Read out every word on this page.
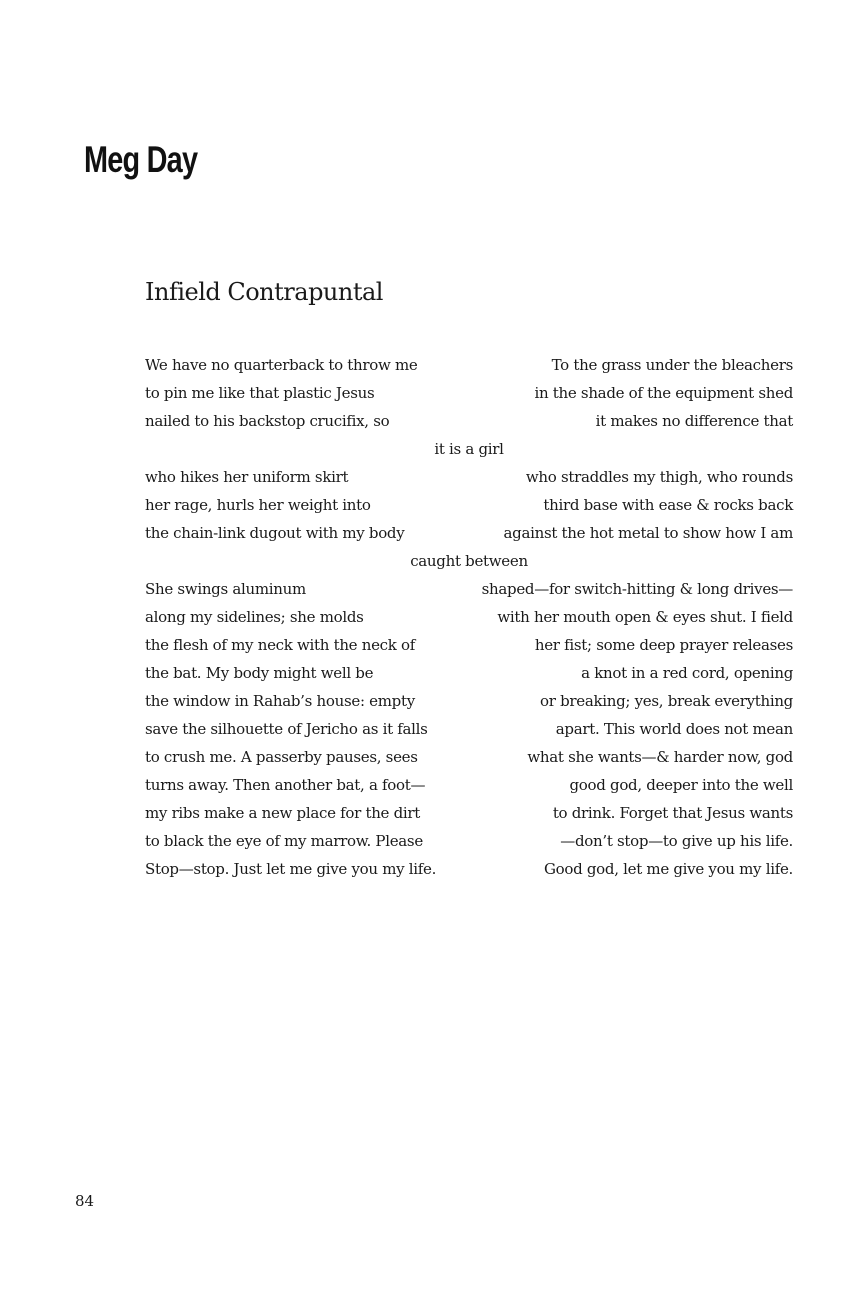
Meg Day
Infield Contrapuntal
We have no quarterback to throw me	To the grass under the bleachers
to pin me like that plastic Jesus	in the shade of the equipment shed
nailed to his backstop crucifix, so	it makes no difference that
it is a girl
who hikes her uniform skirt	who straddles my thigh, who rounds
her rage, hurls her weight into	third base with ease & rocks back
the chain-link dugout with my body	against the hot metal to show how I am
caught between
She swings aluminum	shaped—for switch-hitting & long drives—
along my sidelines; she molds	with her mouth open & eyes shut. I field
the flesh of my neck with the neck of	her fist; some deep prayer releases
the bat. My body might well be	a knot in a red cord, opening
the window in Rahab’s house: empty	or breaking; yes, break everything
save the silhouette of Jericho as it falls	apart. This world does not mean
to crush me. A passerby pauses, sees	what she wants—& harder now, god
turns away. Then another bat, a foot—	good god, deeper into the well
my ribs make a new place for the dirt	to drink. Forget that Jesus wants
to black the eye of my marrow. Please	—don’t stop—to give up his life.
Stop—stop. Just let me give you my life.	Good god, let me give you my life.
84
